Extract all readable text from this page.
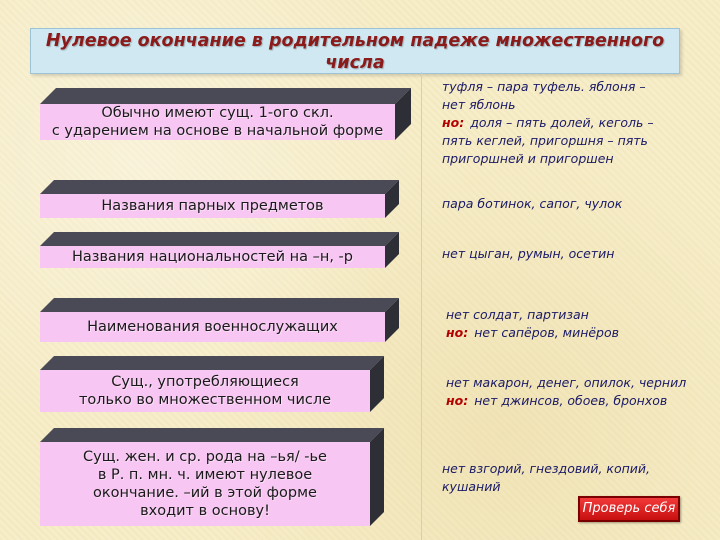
Нулевое окончание в родительном падеже множественного
числа
Обычно имеют сущ. 1-ого скл.
с ударением на основе в начальной форме
Названия парных предметов
Названия национальностей на –н, -р
Наименования военнослужащих
Сущ., употребляющиеся
только во множественном числе
Сущ. жен. и ср. рода на –ья/ -ье
в Р. п. мн. ч. имеют нулевое
окончание. –ий в этой форме
входит в основу!
туфля – пара туфель. яблоня –
нет яблонь
но: доля – пять долей, кеголь –
пять кеглей, пригоршня – пять
пригоршней и пригоршен
пара ботинок, сапог, чулок
нет цыган, румын, осетин
нет солдат, партизан
но: нет сапёров, минёров
нет макарон, денег, опилок, чернил
но: нет джинсов, обоев, бронхов
нет взгорий, гнездовий, копий,
кушаний
Проверь себя
